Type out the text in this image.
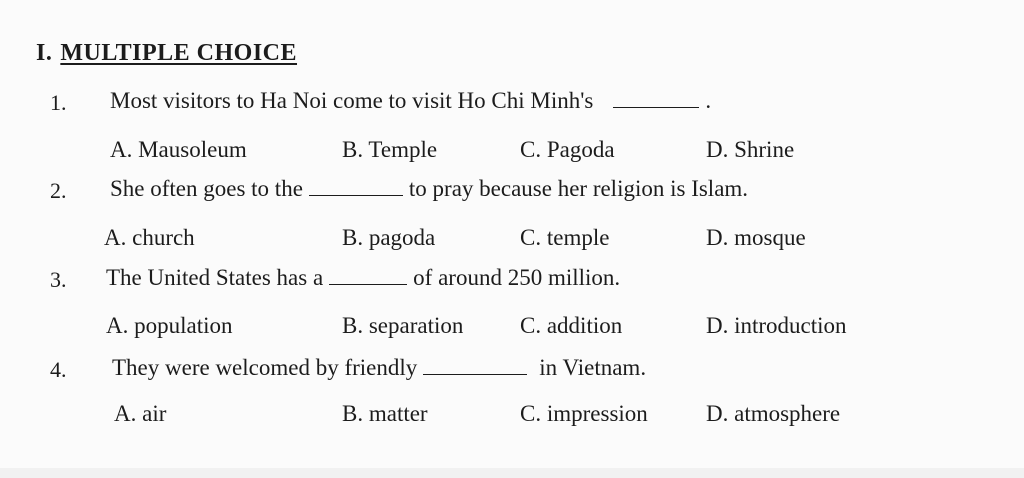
I. MULTIPLE CHOICE
1. Most visitors to Ha Noi come to visit Ho Chi Minh's	.
A. Mausoleum	B. Temple	C. Pagoda	D. Shrine
2. She often goes to the	to pray because her religion is Islam.
A. church	B. pagoda	C. temple	D. mosque
3. The United States has a	of around 250 million.
A. population	B. separation C. addition	D. introduction
4. They were welcomed by friendly	in Vietnam.
A. air	B. matter	C. impression	D. atmosphere
